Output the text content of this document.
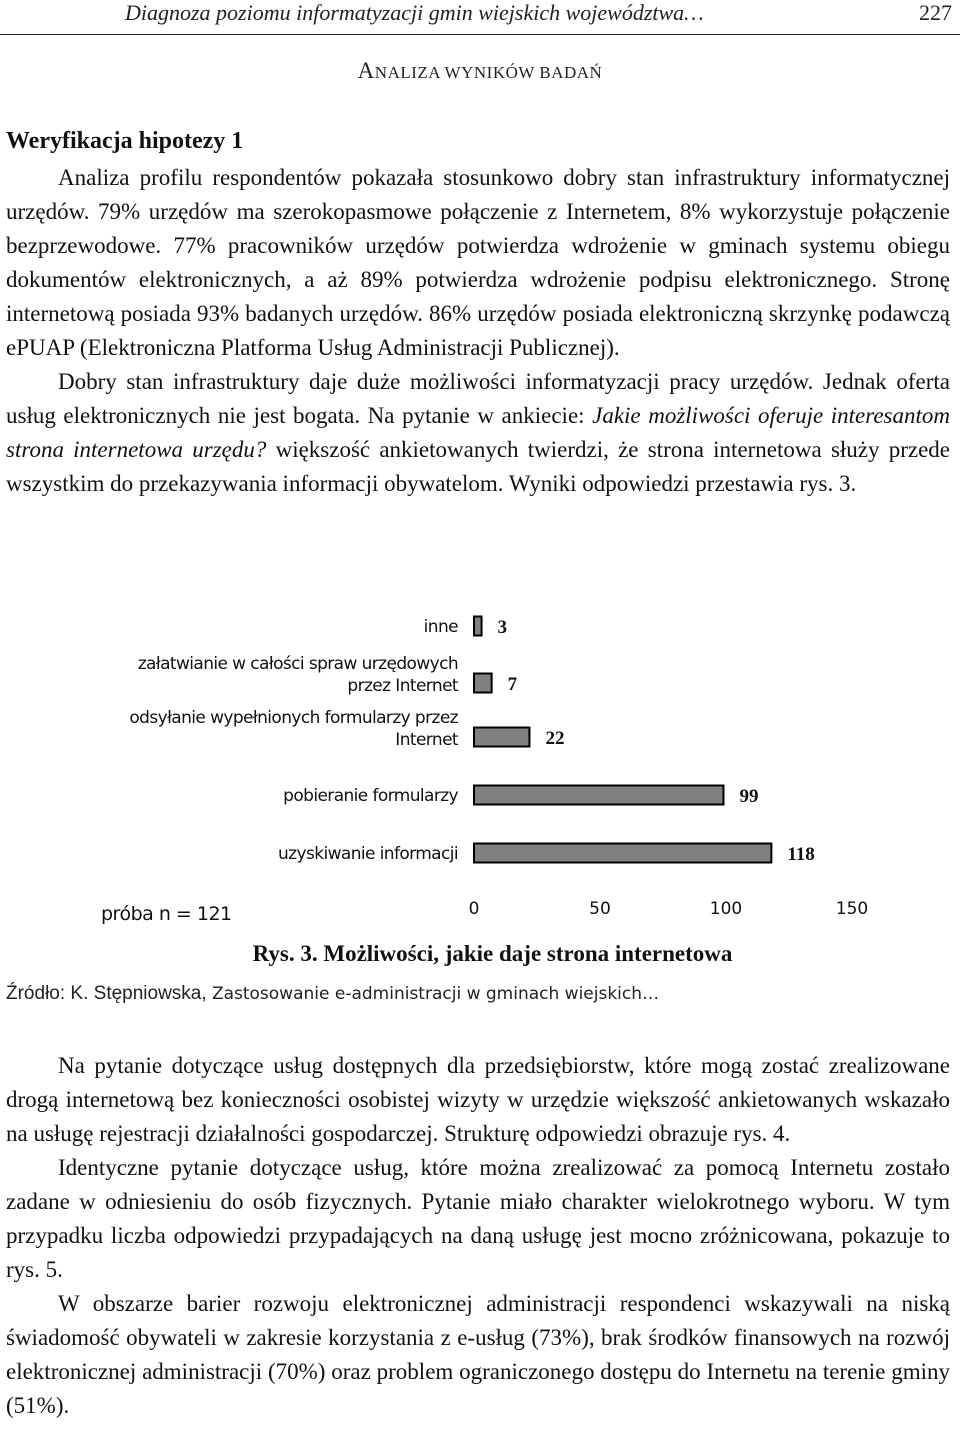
Diagnoza poziomu informatyzacji gmin wiejskich województwa…	227
ANALIZA WYNIKÓW BADAŃ
Weryfikacja hipotezy 1

Analiza profilu respondentów pokazała stosunkowo dobry stan infrastruktury informatycznej urzędów. 79% urzędów ma szerokopasmowe połączenie z Internetem, 8% wykorzystuje połączenie bezprzewodowe. 77% pracowników urzędów potwierdza wdrożenie w gminach systemu obiegu dokumentów elektronicznych, a aż 89% potwierdza wdrożenie podpisu elektronicznego. Stronę internetową posiada 93% badanych urzędów. 86% urzędów posiada elektroniczną skrzynkę podawczą ePUAP (Elektroniczna Platforma Usług Administracji Publicznej).

Dobry stan infrastruktury daje duże możliwości informatyzacji pracy urzędów. Jednak oferta usług elektronicznych nie jest bogata. Na pytanie w ankiecie: Jakie możliwości oferuje interesantom strona internetowa urzędu? większość ankietowanych twierdzi, że strona internetowa służy przede wszystkim do przekazywania informacji obywatelom. Wyniki odpowiedzi przestawia rys. 3.

3
inne
7
załatwianie w całości spraw urzędowych
przez Internet
22
odsyłanie wypełnionych formularzy przez
Internet
99
pobieranie formularzy
118
uzyskiwanie informacji
0	50	100	150
próba n = 121
Rys. 3. Możliwości, jakie daje strona internetowa
Źródło: K. Stępniowska, Zastosowanie e-administracji w gminach wiejskich…

Na pytanie dotyczące usług dostępnych dla przedsiębiorstw, które mogą zostać zrealizowane drogą internetową bez konieczności osobistej wizyty w urzędzie większość ankietowanych wskazało na usługę rejestracji działalności gospodarczej. Strukturę odpowiedzi obrazuje rys. 4.

Identyczne pytanie dotyczące usług, które można zrealizować za pomocą Internetu zostało zadane w odniesieniu do osób fizycznych. Pytanie miało charakter wielokrotnego wyboru. W tym przypadku liczba odpowiedzi przypadających na daną usługę jest mocno zróżnicowana, pokazuje to rys. 5.

W obszarze barier rozwoju elektronicznej administracji respondenci wskazywali na niską świadomość obywateli w zakresie korzystania z e-usług (73%), brak środków finansowych na rozwój elektronicznej administracji (70%) oraz problem ograniczonego dostępu do Internetu na terenie gminy (51%).
